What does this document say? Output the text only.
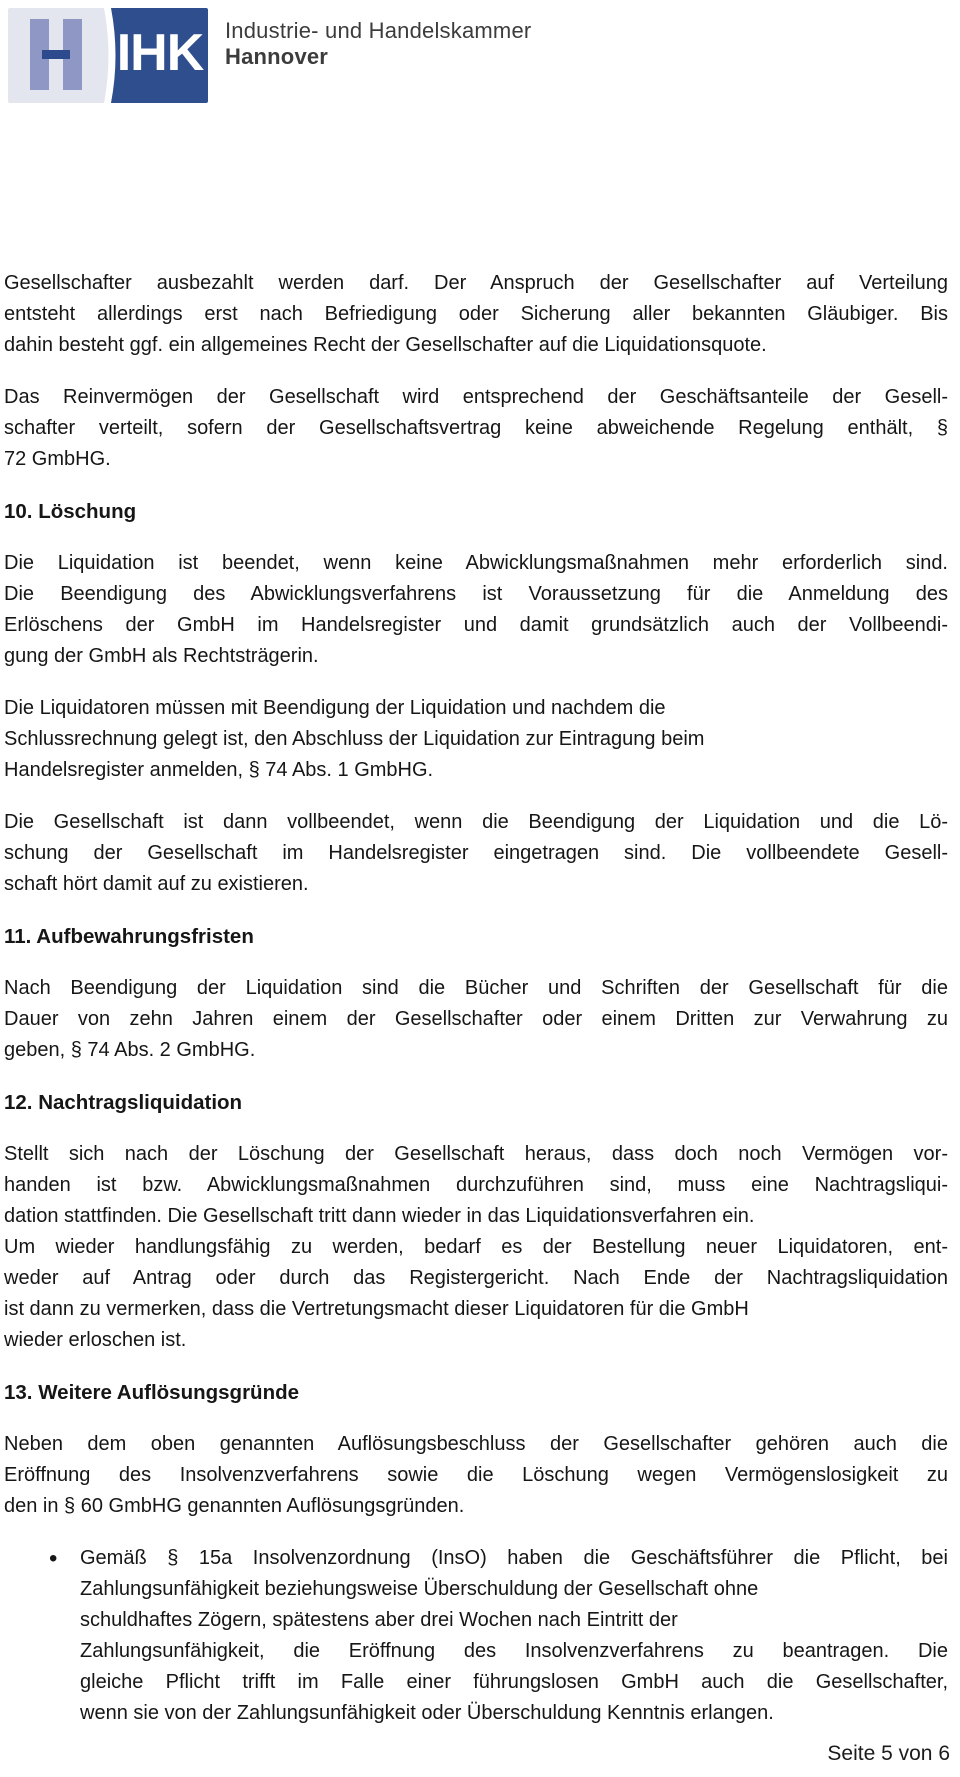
IHK Industrie- und Handelskammer
Hannover
Gesellschafter ausbezahlt werden darf. Der Anspruch der Gesellschafter auf Verteilung
entsteht allerdings erst nach Befriedigung oder Sicherung aller bekannten Gläubiger. Bis
dahin besteht ggf. ein allgemeines Recht der Gesellschafter auf die Liquidationsquote.
Das Reinvermögen der Gesellschaft wird entsprechend der Geschäftsanteile der Gesell-
schafter verteilt, sofern der Gesellschaftsvertrag keine abweichende Regelung enthält, §
72 GmbHG.
10. Löschung
Die Liquidation ist beendet, wenn keine Abwicklungsmaßnahmen mehr erforderlich sind.
Die Beendigung des Abwicklungsverfahrens ist Voraussetzung für die Anmeldung des
Erlöschens der GmbH im Handelsregister und damit grundsätzlich auch der Vollbeendi-
gung der GmbH als Rechtsträgerin.
Die Liquidatoren müssen mit Beendigung der Liquidation und nachdem die
Schlussrechnung gelegt ist, den Abschluss der Liquidation zur Eintragung beim
Handelsregister anmelden, § 74 Abs. 1 GmbHG.
Die Gesellschaft ist dann vollbeendet, wenn die Beendigung der Liquidation und die Lö-
schung der Gesellschaft im Handelsregister eingetragen sind. Die vollbeendete Gesell-
schaft hört damit auf zu existieren.
11. Aufbewahrungsfristen
Nach Beendigung der Liquidation sind die Bücher und Schriften der Gesellschaft für die
Dauer von zehn Jahren einem der Gesellschafter oder einem Dritten zur Verwahrung zu
geben, § 74 Abs. 2 GmbHG.
12. Nachtragsliquidation
Stellt sich nach der Löschung der Gesellschaft heraus, dass doch noch Vermögen vor-
handen ist bzw. Abwicklungsmaßnahmen durchzuführen sind, muss eine Nachtragsliqui-
dation stattfinden. Die Gesellschaft tritt dann wieder in das Liquidationsverfahren ein.
Um wieder handlungsfähig zu werden, bedarf es der Bestellung neuer Liquidatoren, ent-
weder auf Antrag oder durch das Registergericht. Nach Ende der Nachtragsliquidation
ist dann zu vermerken, dass die Vertretungsmacht dieser Liquidatoren für die GmbH
wieder erloschen ist.
13. Weitere Auflösungsgründe
Neben dem oben genannten Auflösungsbeschluss der Gesellschafter gehören auch die
Eröffnung des Insolvenzverfahrens sowie die Löschung wegen Vermögenslosigkeit zu
den in § 60 GmbHG genannten Auflösungsgründen.
•	Gemäß § 15a Insolvenzordnung (InsO) haben die Geschäftsführer die Pflicht, bei
Zahlungsunfähigkeit beziehungsweise Überschuldung der Gesellschaft ohne
schuldhaftes Zögern, spätestens aber drei Wochen nach Eintritt der
Zahlungsunfähigkeit, die Eröffnung des Insolvenzverfahrens zu beantragen. Die
gleiche Pflicht trifft im Falle einer führungslosen GmbH auch die Gesellschafter,
wenn sie von der Zahlungsunfähigkeit oder Überschuldung Kenntnis erlangen.
Seite 5 von 6
